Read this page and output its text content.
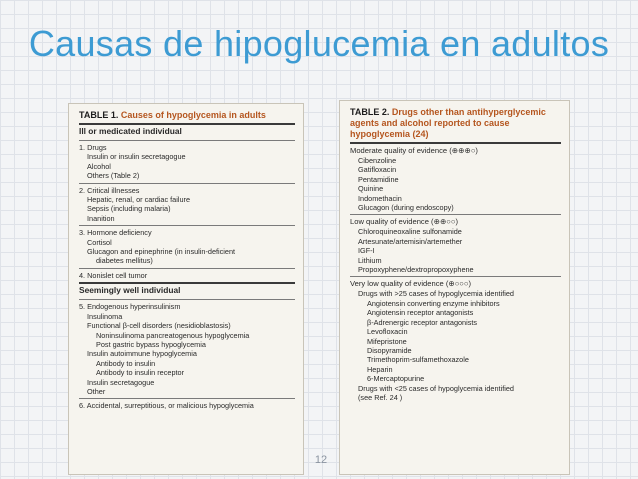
Causas de hipoglucemia en adultos
TABLE 1. Causes of hypoglycemia in adults
Ill or medicated individual
1. Drugs
Insulin or insulin secretagogue
Alcohol
Others (Table 2)
2. Critical illnesses
Hepatic, renal, or cardiac failure
Sepsis (including malaria)
Inanition
3. Hormone deficiency
Cortisol
Glucagon and epinephrine (in insulin-deficient
diabetes mellitus)
4. Nonislet cell tumor
Seemingly well individual
5. Endogenous hyperinsulinism
Insulinoma
Functional β-cell disorders (nesidioblastosis)
Noninsulinoma pancreatogenous hypoglycemia
Post gastric bypass hypoglycemia
Insulin autoimmune hypoglycemia
Antibody to insulin
Antibody to insulin receptor
Insulin secretagogue
Other
6. Accidental, surreptitious, or malicious hypoglycemia
TABLE 2. Drugs other than antihyperglycemic
agents and alcohol reported to cause
hypoglycemia (24)
Moderate quality of evidence (⊕⊕⊕○)
Cibenzoline
Gatifloxacin
Pentamidine
Quinine
Indomethacin
Glucagon (during endoscopy)
Low quality of evidence (⊕⊕○○)
Chloroquineoxaline sulfonamide
Artesunate/artemisin/artemether
IGF-I
Lithium
Propoxyphene/dextropropoxyphene
Very low quality of evidence (⊕○○○)
Drugs with >25 cases of hypoglycemia identified
Angiotensin converting enzyme inhibitors
Angiotensin receptor antagonists
β-Adrenergic receptor antagonists
Levofloxacin
Mifepristone
Disopyramide
Trimethoprim-sulfamethoxazole
Heparin
6-Mercaptopurine
Drugs with <25 cases of hypoglycemia identified
(see Ref. 24 )
12
